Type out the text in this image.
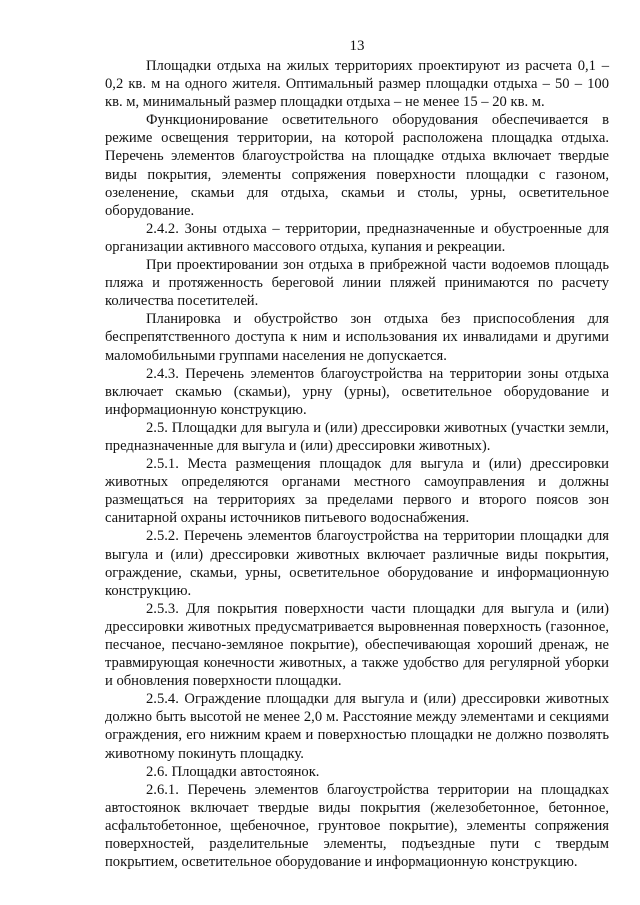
13

Площадки отдыха на жилых территориях проектируют из расчета 0,1 – 0,2 кв. м на одного жителя. Оптимальный размер площадки отдыха – 50 – 100 кв. м, минимальный размер площадки отдыха – не менее 15 – 20 кв. м.

Функционирование осветительного оборудования обеспечивается в режиме освещения территории, на которой расположена площадка отдыха. Перечень элементов благоустройства на площадке отдыха включает твердые виды покрытия, элементы сопряжения поверхности площадки с газоном, озеленение, скамьи для отдыха, скамьи и столы, урны, осветительное оборудование.

2.4.2. Зоны отдыха – территории, предназначенные и обустроенные для организации активного массового отдыха, купания и рекреации.

При проектировании зон отдыха в прибрежной части водоемов площадь пляжа и протяженность береговой линии пляжей принимаются по расчету количества посетителей.

Планировка и обустройство зон отдыха без приспособления для беспрепятственного доступа к ним и использования их инвалидами и другими маломобильными группами населения не допускается.

2.4.3. Перечень элементов благоустройства на территории зоны отдыха включает скамью (скамьи), урну (урны), осветительное оборудование и информационную конструкцию.

2.5. Площадки для выгула и (или) дрессировки животных (участки земли, предназначенные для выгула и (или) дрессировки животных).

2.5.1. Места размещения площадок для выгула и (или) дрессировки животных определяются органами местного самоуправления и должны размещаться на территориях за пределами первого и второго поясов зон санитарной охраны источников питьевого водоснабжения.

2.5.2. Перечень элементов благоустройства на территории площадки для выгула и (или) дрессировки животных включает различные виды покрытия, ограждение, скамьи, урны, осветительное оборудование и информационную конструкцию.

2.5.3. Для покрытия поверхности части площадки для выгула и (или) дрессировки животных предусматривается выровненная поверхность (газонное, песчаное, песчано-земляное покрытие), обеспечивающая хороший дренаж, не травмирующая конечности животных, а также удобство для регулярной уборки и обновления поверхности площадки.

2.5.4. Ограждение площадки для выгула и (или) дрессировки животных должно быть высотой не менее 2,0 м. Расстояние между элементами и секциями ограждения, его нижним краем и поверхностью площадки не должно позволять животному покинуть площадку.

2.6. Площадки автостоянок.

2.6.1. Перечень элементов благоустройства территории на площадках автостоянок включает твердые виды покрытия (железобетонное, бетонное, асфальтобетонное, щебеночное, грунтовое покрытие), элементы сопряжения поверхностей, разделительные элементы, подъездные пути с твердым покрытием, осветительное оборудование и информационную конструкцию.
